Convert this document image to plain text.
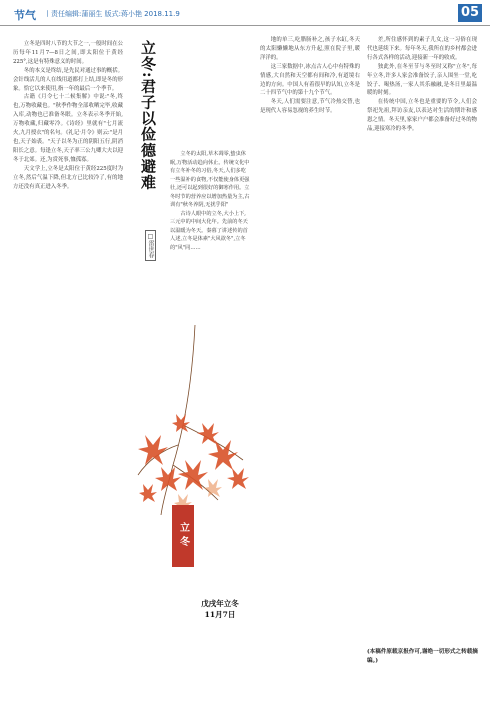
节气 丨责任编辑:蒲丽生 版式:蒋小艳 2018.11.9	05

立冬是四时八节的大节之一,一般时间在公历每年11月7—8日之间,即太阳位于黄经225°,这是有特殊意义的时间。

冬的本义是终结,是先民对通过事的概括。会针线活儿的人在线用道都打上结,即是冬的形象。恰它以来使用,指一年的最后一个季节。

古籍《月令七十二候集解》中说:"冬,终也,万物收藏也。"秋季作物全部收晒完毕,收藏入库,动物也已准备冬眠。立冬表示冬季开始,万物收藏,归藏零冷。《诗经》里就有"七月流火,九月授衣"的名句。《礼记·月令》则云:"是月也,天子始裘。"天子以冬为正的阴阳五行,阴消阳长之意。每逢立冬,天子率三公九卿大夫以迎冬于北郊。还,为赏死事,恤孤寡。

天文学上,立冬是太阳位于黄经225度时为立冬,然后气温下降,但北方已比较冷了,有的地方还没有真正进入冬季。	立冬:君子以俭德避难
□雷世春

立冬的太阳,草木凋零,蛰虫休眠,万物活动趋向休止。传统文化中有立冬补冬的习俗,冬天,人们多吃一些温补的食物,不仅能使身体更强壮,还可以起到很好的御寒作用。立冬时节的营养应以增加热量为主,古训有"秋冬养阴,无扰乎阳"

古诗人眼中的立冬,大小上下,三元中的中间大化年。先前的冬天以温暖为冬天。秦暮了讲述传的首人述,立冬是体素"大风欲冬",立冬的"风"同……

立冬
戊戌年立冬
11月7日

地的单三,吃腊肠补之,孩子水缸,冬天的太阳懒懒地从东方升起,照在院子里,暖洋洋的。

这三家数据中,冰点古人心中有特殊的情感,大自然和天空都有间和冷,有道境右边的方向。中国人有着很早的认知,立冬是二十四节气中的第十九个节气。

冬天,人们需要注意,节气冷热交替,也是现代人容易忽视的养生时节。

差,所住感怀到的素子儿女,这一习俗在现代也延续下来。每年冬天,我所在的乡村都会进行各式各样的活动,迎接新一年的收成。

独此外,在冬至节与冬至时又称"立冬",每年立冬,许多人家会准备饺子,亲人围坐一堂,吃饺子、喝热汤,一家人其乐融融,是冬日里最温暖的时刻。

在传统中国,立冬也是重要的节令,人们会祭祀先祖,拜访亲友,以表达对生活的期许和感恩之情。冬天里,家家户户都会准备好过冬的物品,迎接寒冷的冬季。

(本稿件原载京报作可,谢绝一切形式之转载摘编。)
